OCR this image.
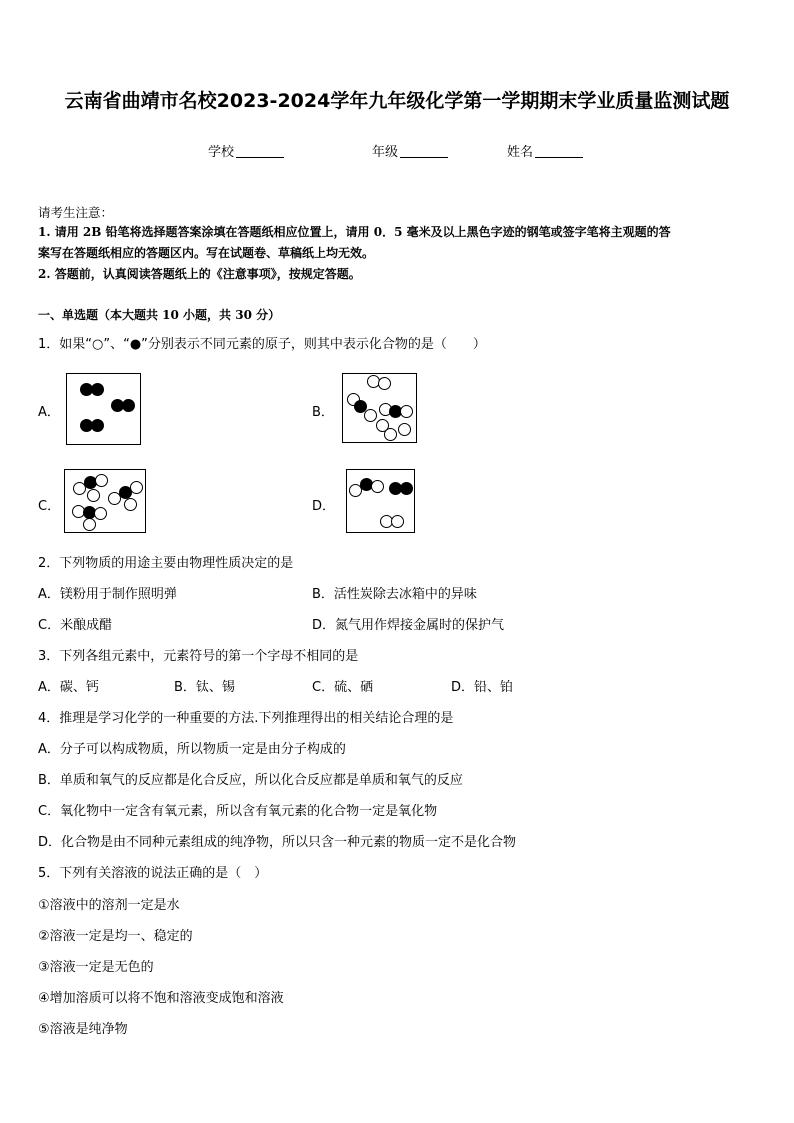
云南省曲靖市名校2023-2024学年九年级化学第一学期期末学业质量监测试题
学校	年级	姓名
请考生注意：
1. 请用 2B 铅笔将选择题答案涂填在答题纸相应位置上，请用 0．5 毫米及以上黑色字迹的钢笔或签字笔将主观题的答
案写在答题纸相应的答题区内。写在试题卷、草稿纸上均无效。
2. 答题前，认真阅读答题纸上的《注意事项》，按规定答题。
一、单选题（本大题共 10 小题，共 30 分）
1．如果“○”、“●”分别表示不同元素的原子，则其中表示化合物的是（　　）
A．	B．
C．	D．
2．下列物质的用途主要由物理性质决定的是
A．镁粉用于制作照明弹	B．活性炭除去冰箱中的异味
C．米酿成醋	D．氮气用作焊接金属时的保护气
3．下列各组元素中，元素符号的第一个字母不相同的是
A．碳、钙	B．钛、锡	C．硫、硒	D．铅、铂
4．推理是学习化学的一种重要的方法.下列推理得出的相关结论合理的是
A．分子可以构成物质，所以物质一定是由分子构成的
B．单质和氧气的反应都是化合反应，所以化合反应都是单质和氧气的反应
C．氧化物中一定含有氧元素，所以含有氧元素的化合物一定是氧化物
D．化合物是由不同种元素组成的纯净物，所以只含一种元素的物质一定不是化合物
5．下列有关溶液的说法正确的是（　）
①溶液中的溶剂一定是水
②溶液一定是均一、稳定的
③溶液一定是无色的
④增加溶质可以将不饱和溶液变成饱和溶液
⑤溶液是纯净物
